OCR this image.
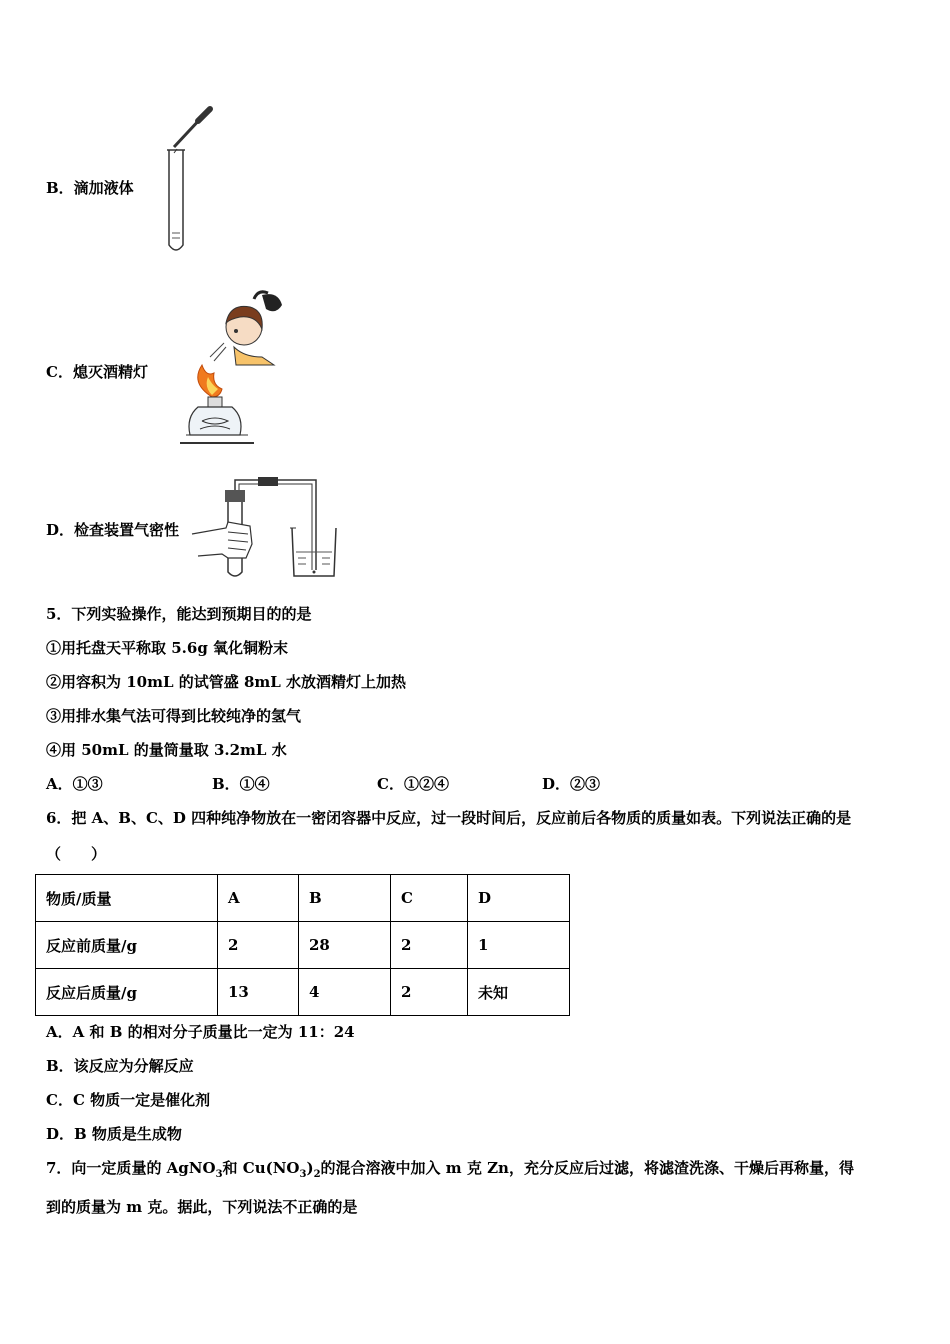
B．滴加液体
C．熄灭酒精灯
D．检查装置气密性
5．下列实验操作，能达到预期目的的是
①用托盘天平称取 5.6g 氧化铜粉末
②用容积为 10mL 的试管盛 8mL 水放酒精灯上加热
③用排水集气法可得到比较纯净的氢气
④用 50mL 的量筒量取 3.2mL 水
A．①③	B．①④	C．①②④	D．②③
6．把 A、B、C、D 四种纯净物放在一密闭容器中反应，过一段时间后，反应前后各物质的质量如表。下列说法正确的是
（　　）
物质/质量	A	B	C	D
反应前质量/g	2	28	2	1
反应后质量/g	13	4	2	未知
A．A 和 B 的相对分子质量比一定为 11：24
B．该反应为分解反应
C．C 物质一定是催化剂
D．B 物质是生成物
7．向一定质量的 AgNO$_3$和 $Cu(NO_3)_2$的混合溶液中加入 m 克 Zn，充分反应后过滤，将滤渣洗涤、干燥后再称量，得
到的质量为 m 克。据此，下列说法不正确的是
